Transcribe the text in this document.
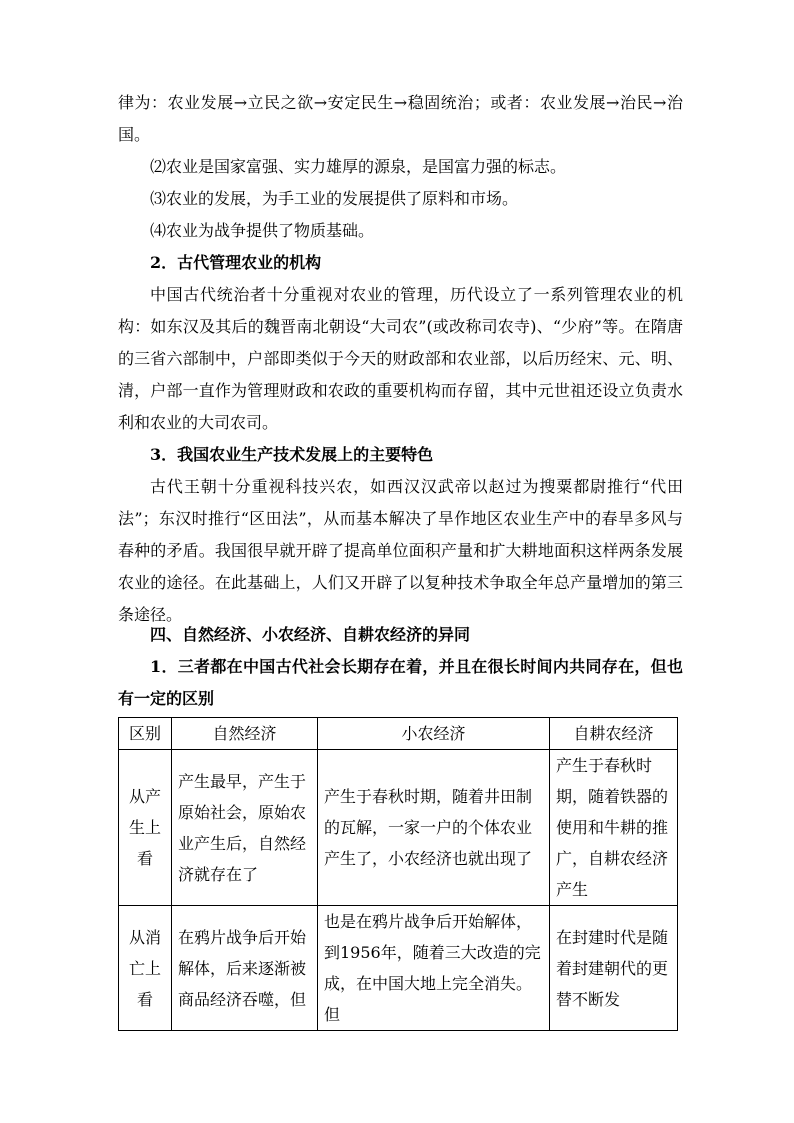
律为：农业发展→立民之欲→安定民生→稳固统治；或者：农业发展→治民→治国。

⑵农业是国家富强、实力雄厚的源泉，是国富力强的标志。

⑶农业的发展，为手工业的发展提供了原料和市场。

⑷农业为战争提供了物质基础。

2．古代管理农业的机构

中国古代统治者十分重视对农业的管理，历代设立了一系列管理农业的机构：如东汉及其后的魏晋南北朝设“大司农”(或改称司农寺)、“少府”等。在隋唐的三省六部制中，户部即类似于今天的财政部和农业部，以后历经宋、元、明、清，户部一直作为管理财政和农政的重要机构而存留，其中元世祖还设立负责水利和农业的大司农司。

3．我国农业生产技术发展上的主要特色

古代王朝十分重视科技兴农，如西汉汉武帝以赵过为搜粟都尉推行“代田法”；东汉时推行“区田法”，从而基本解决了旱作地区农业生产中的春旱多风与春种的矛盾。我国很早就开辟了提高单位面积产量和扩大耕地面积这样两条发展农业的途径。在此基础上，人们又开辟了以复种技术争取全年总产量增加的第三条途径。

四、自然经济、小农经济、自耕农经济的异同

1．三者都在中国古代社会长期存在着，并且在很长时间内共同存在，但也有一定的区别

区别	自然经济	小农经济	自耕农经济
从产生上看	产生最早，产生于原始社会，原始农业产生后，自然经济就存在了	产生于春秋时期，随着井田制的瓦解，一家一户的个体农业产生了，小农经济也就出现了	产生于春秋时期，随着铁器的使用和牛耕的推广，自耕农经济产生
从消亡上看	在鸦片战争后开始解体，后来逐渐被商品经济吞噬，但	也是在鸦片战争后开始解体，到1956年，随着三大改造的完成，在中国大地上完全消失。但	在封建时代是随着封建朝代的更替不断发
